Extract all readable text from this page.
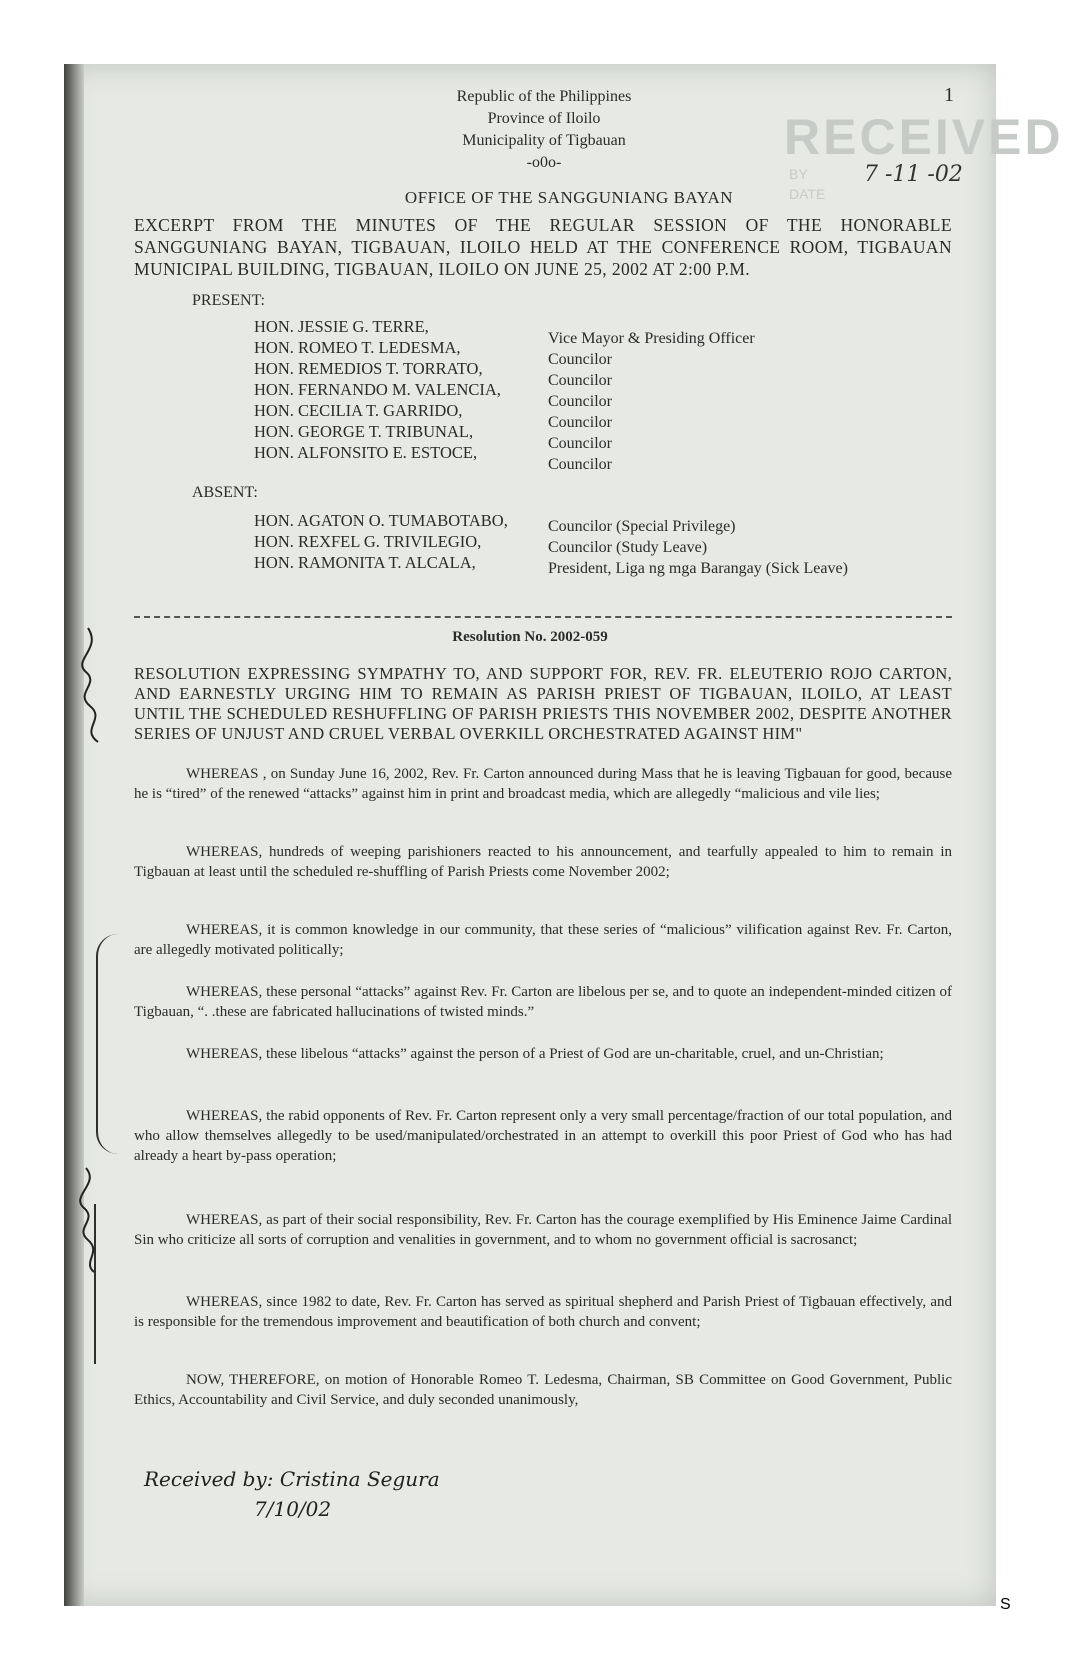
1
RECEIVED
BY
DATE
7 -11 -02
Republic of the Philippines
Province of Iloilo
Municipality of Tigbauan
-o0o-
OFFICE OF THE SANGGUNIANG BAYAN
EXCERPT FROM THE MINUTES OF THE REGULAR SESSION OF THE HONORABLE SANGGUNIANG BAYAN, TIGBAUAN, ILOILO HELD AT THE CONFERENCE ROOM, TIGBAUAN MUNICIPAL BUILDING, TIGBAUAN, ILOILO ON JUNE 25, 2002 AT 2:00 P.M.
PRESENT:
HON. JESSIE G. TERRE,
HON. ROMEO T. LEDESMA,
HON. REMEDIOS T. TORRATO,
HON. FERNANDO M. VALENCIA,
HON. CECILIA T. GARRIDO,
HON. GEORGE T. TRIBUNAL,
HON. ALFONSITO E. ESTOCE,
Vice Mayor & Presiding Officer
Councilor
Councilor
Councilor
Councilor
Councilor
Councilor
ABSENT:
HON. AGATON O. TUMABOTABO,
HON. REXFEL G. TRIVILEGIO,
HON. RAMONITA T. ALCALA,
Councilor (Special Privilege)
Councilor (Study Leave)
President, Liga ng mga Barangay (Sick Leave)
Resolution No. 2002-059
RESOLUTION EXPRESSING SYMPATHY TO, AND SUPPORT FOR, REV. FR. ELEUTERIO ROJO CARTON, AND EARNESTLY URGING HIM TO REMAIN AS PARISH PRIEST OF TIGBAUAN, ILOILO, AT LEAST UNTIL THE SCHEDULED RESHUFFLING OF PARISH PRIESTS THIS NOVEMBER 2002, DESPITE ANOTHER SERIES OF UNJUST AND CRUEL VERBAL OVERKILL ORCHESTRATED AGAINST HIM"
WHEREAS , on Sunday June 16, 2002, Rev. Fr. Carton announced during Mass that he is leaving Tigbauan for good, because he is “tired” of the renewed “attacks” against him in print and broadcast media, which are allegedly “malicious and vile lies;
WHEREAS, hundreds of weeping parishioners reacted to his announcement, and tearfully appealed to him to remain in Tigbauan at least until the scheduled re-shuffling of Parish Priests come November 2002;
WHEREAS, it is common knowledge in our community, that these series of “malicious” vilification against Rev. Fr. Carton, are allegedly motivated politically;
WHEREAS, these personal “attacks” against Rev. Fr. Carton are libelous per se, and to quote an independent-minded citizen of Tigbauan, “. .these are fabricated hallucinations of twisted minds.”
WHEREAS, these libelous “attacks” against the person of a Priest of God are un-charitable, cruel, and un-Christian;
WHEREAS, the rabid opponents of Rev. Fr. Carton represent only a very small percentage/fraction of our total population, and who allow themselves allegedly to be used/manipulated/orchestrated in an attempt to overkill this poor Priest of God who has had already a heart by-pass operation;
WHEREAS, as part of their social responsibility, Rev. Fr. Carton has the courage exemplified by His Eminence Jaime Cardinal Sin who criticize all sorts of corruption and venalities in government, and to whom no government official is sacrosanct;
WHEREAS, since 1982 to date, Rev. Fr. Carton has served as spiritual shepherd and Parish Priest of Tigbauan effectively, and is responsible for the tremendous improvement and beautification of both church and convent;
NOW, THEREFORE, on motion of Honorable Romeo T. Ledesma, Chairman, SB Committee on Good Government, Public Ethics, Accountability and Civil Service, and duly seconded unanimously,
Received by: Cristina Segura
7/10/02
S
